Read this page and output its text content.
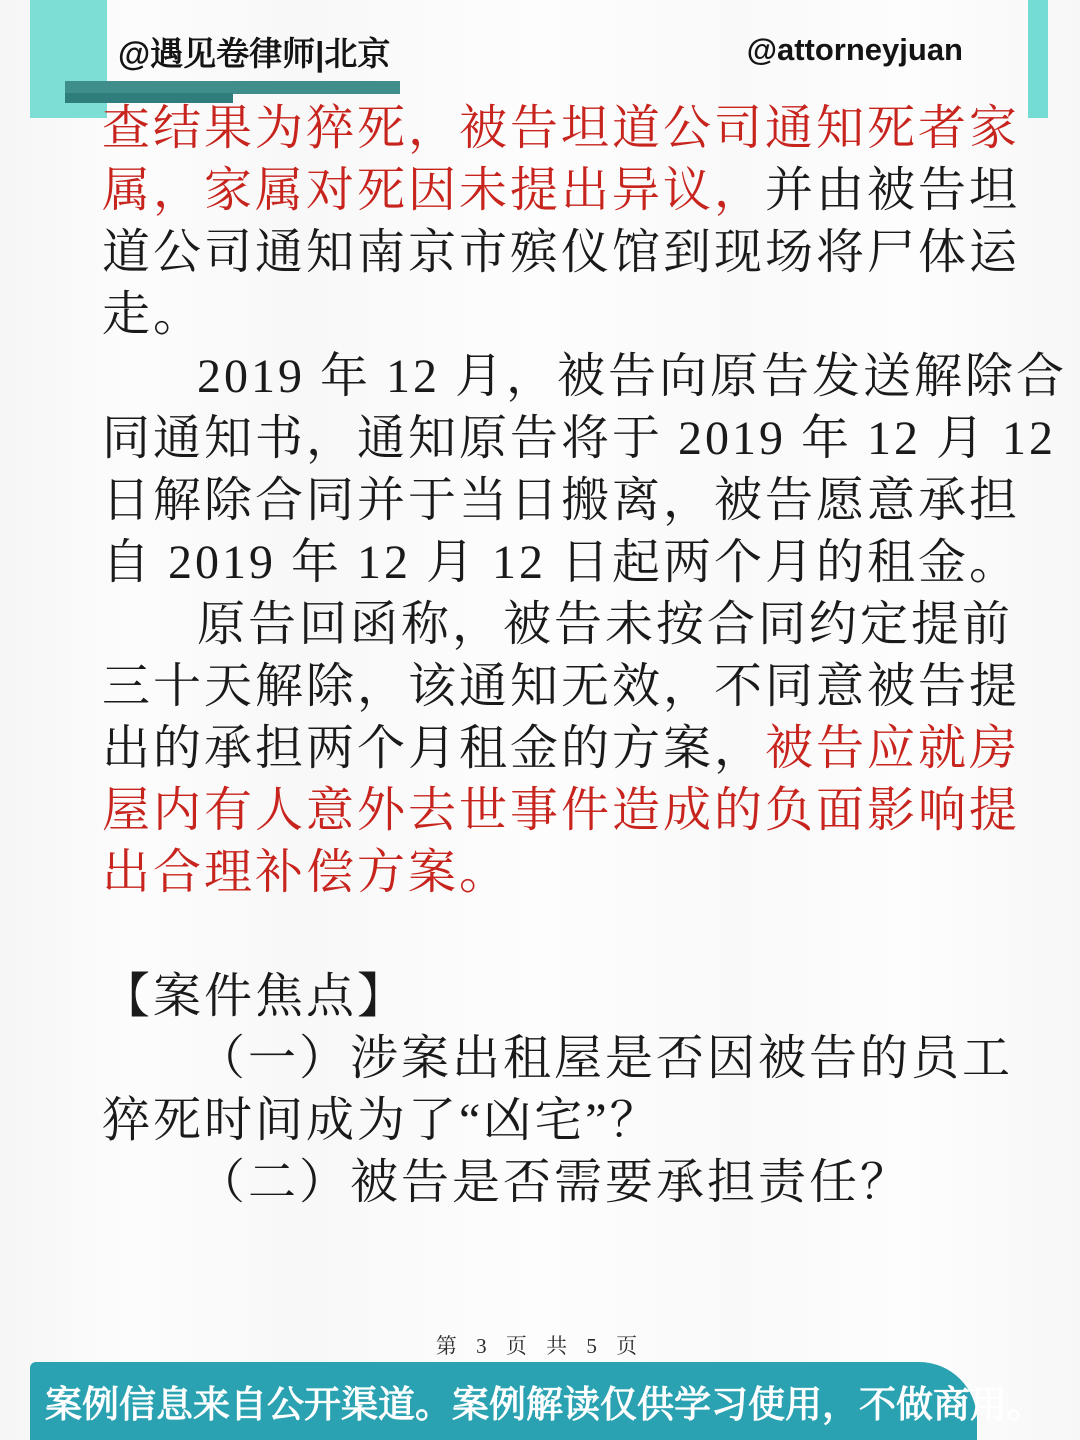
@遇见卷律师|北京	@attorneyjuan
查结果为猝死，被告坦道公司通知死者家
属，家属对死因未提出异议，并由被告坦
道公司通知南京市殡仪馆到现场将尸体运
走。
2019 年 12 月，被告向原告发送解除合
同通知书，通知原告将于 2019 年 12 月 12
日解除合同并于当日搬离，被告愿意承担
自 2019 年 12 月 12 日起两个月的租金。
原告回函称，被告未按合同约定提前
三十天解除，该通知无效，不同意被告提
出的承担两个月租金的方案，被告应就房
屋内有人意外去世事件造成的负面影响提
出合理补偿方案。
【案件焦点】
（一）涉案出租屋是否因被告的员工
猝死时间成为了“凶宅”？
（二）被告是否需要承担责任？
第 3 页 共 5 页
案例信息来自公开渠道。案例解读仅供学习使用，不做商用。
